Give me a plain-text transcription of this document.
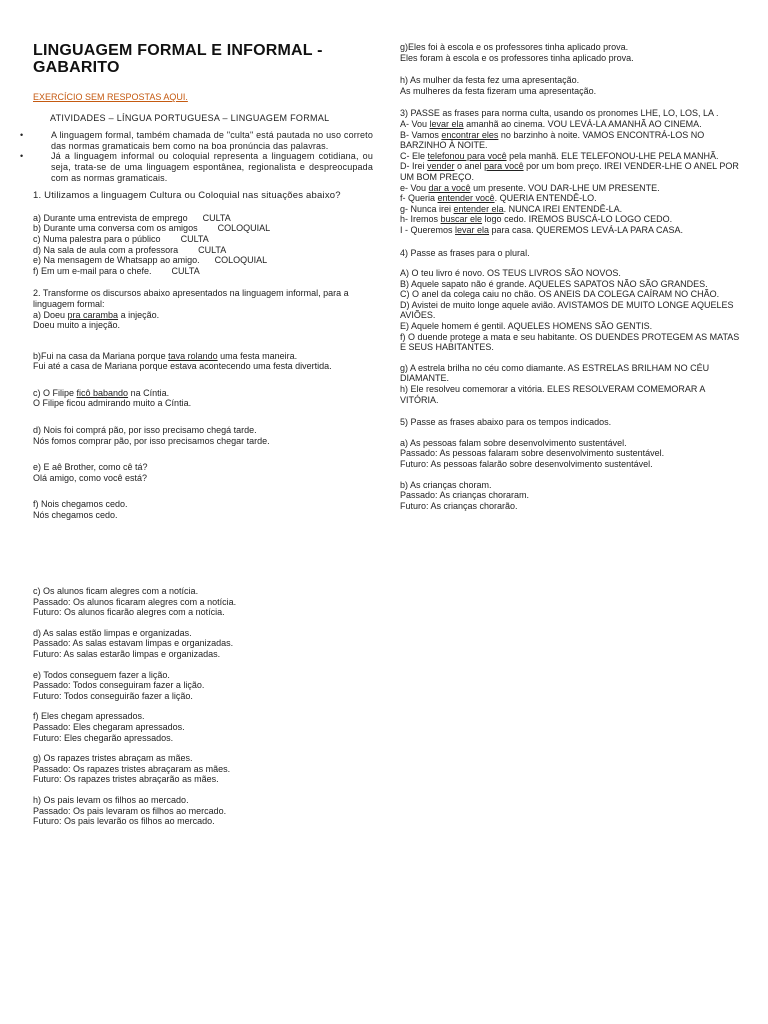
LINGUAGEM FORMAL E INFORMAL - GABARITO
EXERCÍCIO SEM RESPOSTAS AQUI.
ATIVIDADES – LÍNGUA PORTUGUESA – LINGUAGEM FORMAL
• A linguagem formal, também chamada de "culta" está pautada no uso correto das normas gramaticais bem como na boa pronúncia das palavras.
• Já a linguagem informal ou coloquial representa a linguagem cotidiana, ou seja, trata-se de uma linguagem espontânea, regionalista e despreocupada com as normas gramaticais.

1. Utilizamos a linguagem Cultura ou Coloquial nas situações abaixo?

a) Durante uma entrevista de emprego      CULTA

b) Durante uma conversa com os amigos        COLOQUIAL

c) Numa palestra para o público        CULTA

d) Na sala de aula com a professora        CULTA

e) Na mensagem de Whatsapp ao amigo.      COLOQUIAL

f) Em um e-mail para o chefe.        CULTA

2. Transforme os discursos abaixo apresentados na linguagem informal, para a linguagem formal:

a) Doeu pra caramba a injeção.

Doeu muito a injeção.

b)Fui na casa da Mariana porque tava rolando uma festa maneira.

Fui até a casa de Mariana porque estava acontecendo uma festa divertida.

c) O Filipe ficô babando na Cíntia.

O Filipe ficou admirando muito a Cíntia.

d) Nois foi comprá pão, por isso precisamo chegá tarde.

Nós fomos comprar pão, por isso precisamos chegar tarde.

e) E aê Brother, como cê tá?

Olá amigo, como você está?

f) Nois chegamos cedo.

Nós chegamos cedo.

g)Eles foi à escola e os professores tinha aplicado prova.

Eles foram à escola e os professores tinha aplicado prova.

h) As mulher da festa fez uma apresentação.

As mulheres da festa fizeram uma apresentação.

3) PASSE as frases para norma culta, usando os pronomes LHE, LO, LOS, LA .

A- Vou levar ela amanhã ao cinema. VOU LEVÁ-LA AMANHÃ AO CINEMA.

B- Vamos encontrar eles no barzinho à noite. VAMOS ENCONTRÁ-LOS NO BARZINHO À NOITE.

C- Ele telefonou para você pela manhã. ELE TELEFONOU-LHE PELA MANHÃ.

D- Irei vender o anel para você por um bom preço. IREI VENDER-LHE O ANEL POR UM BOM PREÇO.

e- Vou dar a você um presente. VOU DAR-LHE UM PRESENTE.

f- Queria entender você. QUERIA ENTENDÊ-LO.

g- Nunca irei entender ela. NUNCA IREI ENTENDÊ-LA.

h- Iremos buscar ele logo cedo. IREMOS BUSCÁ-LO LOGO CEDO.

I - Queremos levar ela para casa. QUEREMOS LEVÁ-LA PARA CASA.

4) Passe as frases para o plural.

A) O teu livro é novo. OS TEUS LIVROS SÃO NOVOS.

B) Aquele sapato não é grande. AQUELES SAPATOS NÃO SÃO GRANDES.

C) O anel da colega caiu no chão. OS ANEIS DA COLEGA CAÍRAM NO CHÃO.

D) Avistei de muito longe aquele avião. AVISTAMOS DE MUITO LONGE AQUELES AVIÕES.

E) Aquele homem é gentil. AQUELES HOMENS SÃO GENTIS.

f) O duende protege a mata e seu habitante. OS DUENDES PROTEGEM AS MATAS E SEUS HABITANTES.

g) A estrela brilha no céu como diamante. AS ESTRELAS BRILHAM NO CÉU DIAMANTE.

h) Ele resolveu comemorar a vitória. ELES RESOLVERAM COMEMORAR A VITÓRIA.

5) Passe as frases abaixo para os tempos indicados.

a) As pessoas falam sobre desenvolvimento sustentável.

Passado: As pessoas falaram sobre desenvolvimento sustentável.

Futuro: As pessoas falarão sobre desenvolvimento sustentável.

b) As crianças choram.

Passado: As crianças choraram.

Futuro: As crianças chorarão.

c) Os alunos ficam alegres com a notícia.

Passado: Os alunos ficaram alegres com a notícia.

Futuro: Os alunos ficarão alegres com a notícia.

d) As salas estão limpas e organizadas.

Passado: As salas estavam limpas e organizadas.

Futuro: As salas estarão limpas e organizadas.

e) Todos conseguem fazer a lição.

Passado: Todos conseguiram fazer a lição.

Futuro: Todos conseguirão fazer a lição.

f) Eles chegam apressados.

Passado: Eles chegaram apressados.

Futuro: Eles chegarão apressados.

g) Os rapazes tristes abraçam as mães.

Passado: Os rapazes tristes abraçaram as mães.

Futuro: Os rapazes tristes abraçarão as mães.

h) Os pais levam os filhos ao mercado.

Passado: Os pais levaram os filhos ao mercado.

Futuro: Os pais levarão os filhos ao mercado.
